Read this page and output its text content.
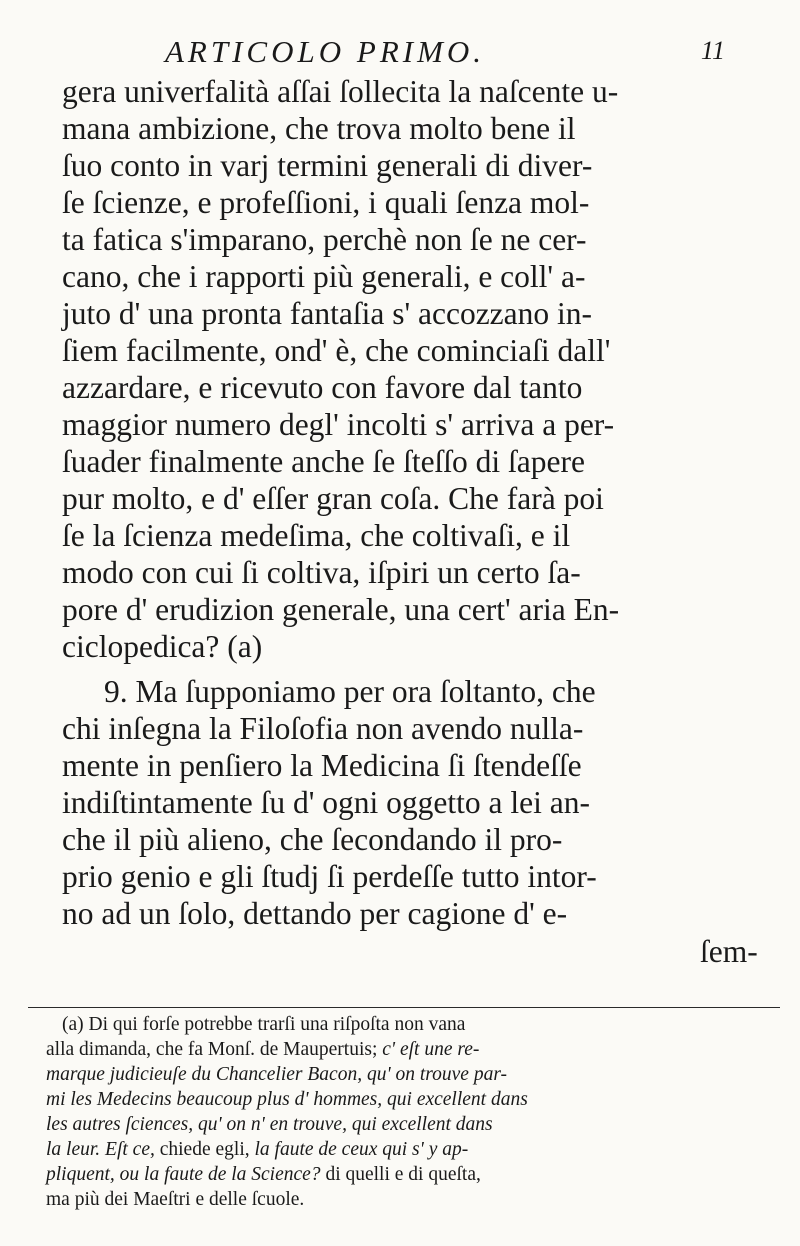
ARTICOLO PRIMO.	11
gera univerfalità aſſai ſollecita la naſcente u-
mana ambizione, che trova molto bene il
ſuo conto in varj termini generali di diver-
ſe ſcienze, e profeſſioni, i quali ſenza mol-
ta fatica s'imparano, perchè non ſe ne cer-
cano, che i rapporti più generali, e coll' a-
juto d' una pronta fantaſia s' accozzano in-
ſiem facilmente, ond' è, che cominciaſi dall'
azzardare, e ricevuto con favore dal tanto
maggior numero degl' incolti s' arriva a per-
ſuader finalmente anche ſe ſteſſo di ſapere
pur molto, e d' eſſer gran coſa. Che farà poi
ſe la ſcienza medeſima, che coltivaſi, e il
modo con cui ſi coltiva, iſpiri un certo ſa-
pore d' erudizion generale, una cert' aria En-
ciclopedica? (a)
9. Ma ſupponiamo per ora ſoltanto, che
chi inſegna la Filoſofia non avendo nulla-
mente in penſiero la Medicina ſi ſtendeſſe
indiſtintamente ſu d' ogni oggetto a lei an-
che il più alieno, che ſecondando il pro-
prio genio e gli ſtudj ſi perdeſſe tutto intor-
no ad un ſolo, dettando per cagione d' e-
ſem-
(a) Di qui forſe potrebbe trarſi una riſpoſta non vana
alla dimanda, che fa Monſ. de Maupertuis; c' eſt une re-
marque judicieuſe du Chancelier Bacon, qu' on trouve par-
mi les Medecins beaucoup plus d' hommes, qui excellent dans
les autres ſciences, qu' on n' en trouve, qui excellent dans
la leur. Eſt ce, chiede egli, la faute de ceux qui s' y ap-
pliquent, ou la faute de la Science? di quelli e di queſta,
ma più dei Maeſtri e delle ſcuole.
